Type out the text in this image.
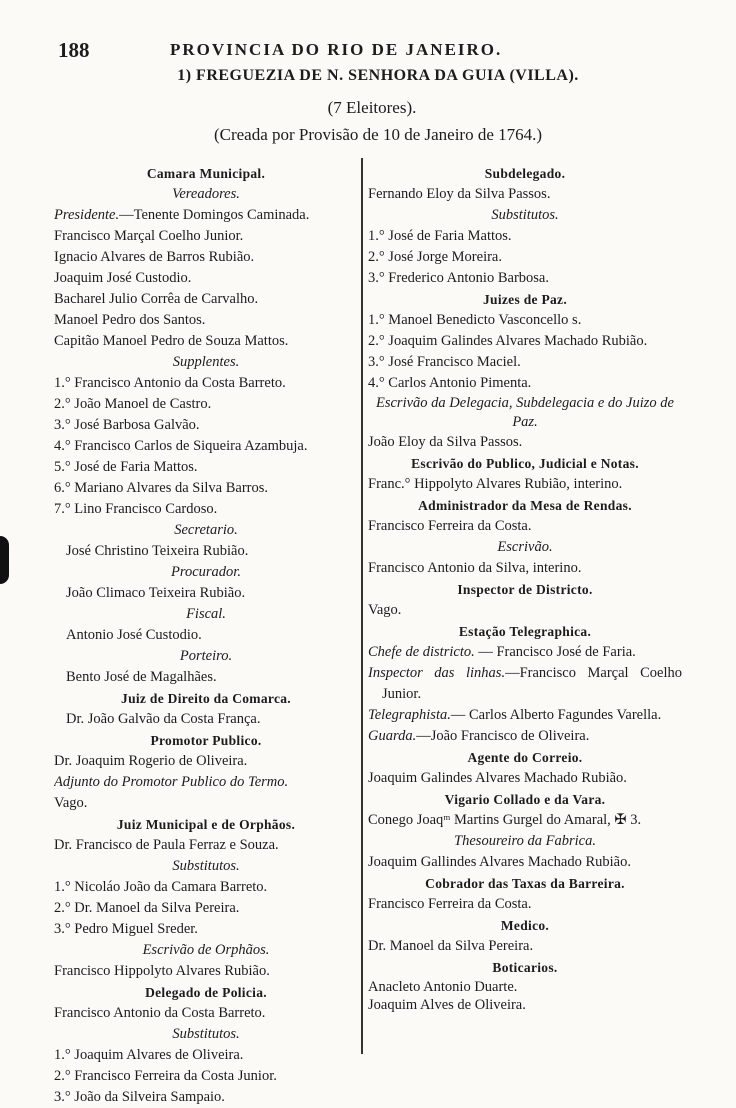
188	PROVINCIA DO RIO DE JANEIRO.
1) FREGUEZIA DE N. SENHORA DA GUIA (VILLA).
(7 Eleitores).
(Creada por Provisão de 10 de Janeiro de 1764.)
Camara Municipal.
Vereadores.
Presidente.—Tenente Domingos Caminada.
Francisco Marçal Coelho Junior.
Ignacio Alvares de Barros Rubião.
Joaquim José Custodio.
Bacharel Julio Corrêa de Carvalho.
Manoel Pedro dos Santos.
Capitão Manoel Pedro de Souza Mattos.
Supplentes.
1.° Francisco Antonio da Costa Barreto.
2.° João Manoel de Castro.
3.° José Barbosa Galvão.
4.° Francisco Carlos de Siqueira Azambuja.
5.° José de Faria Mattos.
6.° Mariano Alvares da Silva Barros.
7.° Lino Francisco Cardoso.
Secretario.
José Christino Teixeira Rubião.
Procurador.
João Climaco Teixeira Rubião.
Fiscal.
Antonio José Custodio.
Porteiro.
Bento José de Magalhães.
Juiz de Direito da Comarca.
Dr. João Galvão da Costa França.
Promotor Publico.
Dr. Joaquim Rogerio de Oliveira.
Adjunto do Promotor Publico do Termo.
Vago.
Juiz Municipal e de Orphãos.
Dr. Francisco de Paula Ferraz e Souza.
Substitutos.
1.° Nicoláo João da Camara Barreto.
2.° Dr. Manoel da Silva Pereira.
3.° Pedro Miguel Sreder.
Escrivão de Orphãos.
Francisco Hippolyto Alvares Rubião.
Delegado de Policia.
Francisco Antonio da Costa Barreto.
Substitutos.
1.° Joaquim Alvares de Oliveira.
2.° Francisco Ferreira da Costa Junior.
3.° João da Silveira Sampaio.
Subdelegado.
Fernando Eloy da Silva Passos.
Substitutos.
1.° José de Faria Mattos.
2.° José Jorge Moreira.
3.° Frederico Antonio Barbosa.
Juizes de Paz.
1.° Manoel Benedicto Vasconcello s.
2.° Joaquim Galindes Alvares Machado Rubião.
3.° José Francisco Maciel.
4.° Carlos Antonio Pimenta.
Escrivão da Delegacia, Subdelegacia e do Juizo de Paz.
João Eloy da Silva Passos.
Escrivão do Publico, Judicial e Notas.
Franc.° Hippolyto Alvares Rubião, interino.
Administrador da Mesa de Rendas.
Francisco Ferreira da Costa.
Escrivão.
Francisco Antonio da Silva, interino.
Inspector de Districto.
Vago.
Estação Telegraphica.
Chefe de districto. — Francisco José de Faria.
Inspector das linhas.—Francisco Marçal Coelho Junior.
Telegraphista.— Carlos Alberto Fagundes Varella.
Guarda.—João Francisco de Oliveira.
Agente do Correio.
Joaquim Galindes Alvares Machado Rubião.
Vigario Collado e da Vara.
Conego Joaqᵐ Martins Gurgel do Amaral, ✠ 3.
Thesoureiro da Fabrica.
Joaquim Gallindes Alvares Machado Rubião.
Cobrador das Taxas da Barreira.
Francisco Ferreira da Costa.
Medico.
Dr. Manoel da Silva Pereira.
Boticarios.
Anacleto Antonio Duarte.
Joaquim Alves de Oliveira.
